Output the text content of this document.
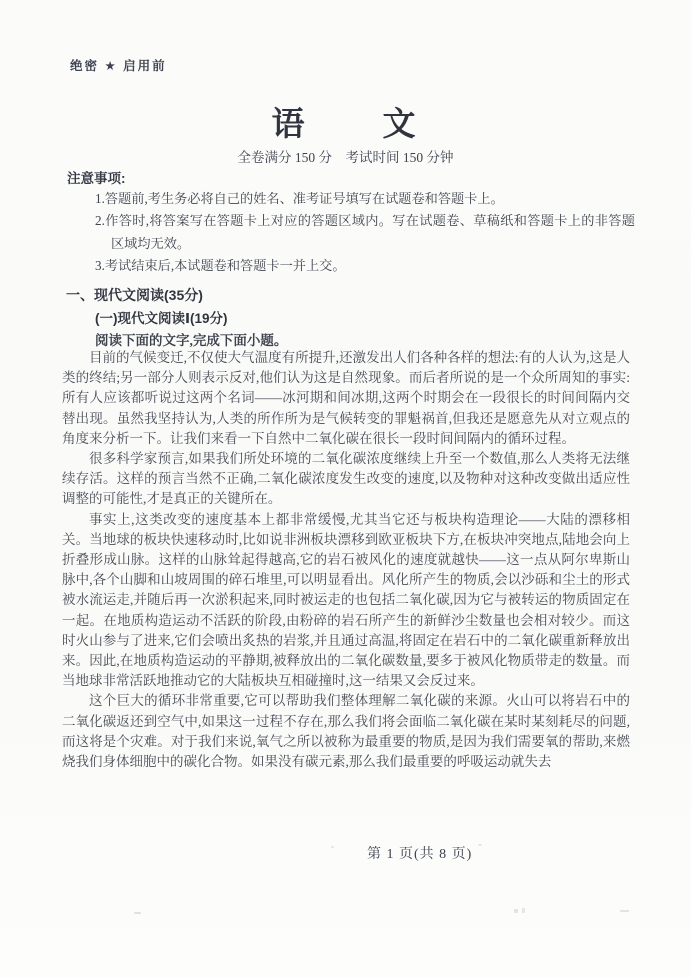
绝密 ★ 启用前
语　　文
全卷满分 150 分　考试时间 150 分钟
注意事项:
1.答题前,考生务必将自己的姓名、准考证号填写在试题卷和答题卡上。
2.作答时,将答案写在答题卡上对应的答题区域内。写在试题卷、草稿纸和答题卡上的非答题区域均无效。
3.考试结束后,本试题卷和答题卡一并上交。
一、现代文阅读(35分)
(一)现代文阅读Ⅰ(19分)
阅读下面的文字,完成下面小题。

目前的气候变迁,不仅使大气温度有所提升,还激发出人们各种各样的想法:有的人认为,这是人类的终结;另一部分人则表示反对,他们认为这是自然现象。而后者所说的是一个众所周知的事实:所有人应该都听说过这两个名词——冰河期和间冰期,这两个时期会在一段很长的时间间隔内交替出现。虽然我坚持认为,人类的所作所为是气候转变的罪魁祸首,但我还是愿意先从对立观点的角度来分析一下。让我们来看一下自然中二氧化碳在很长一段时间间隔内的循环过程。

很多科学家预言,如果我们所处环境的二氧化碳浓度继续上升至一个数值,那么人类将无法继续存活。这样的预言当然不正确,二氧化碳浓度发生改变的速度,以及物种对这种改变做出适应性调整的可能性,才是真正的关键所在。

事实上,这类改变的速度基本上都非常缓慢,尤其当它还与板块构造理论——大陆的漂移相关。当地球的板块快速移动时,比如说非洲板块漂移到欧亚板块下方,在板块冲突地点,陆地会向上折叠形成山脉。这样的山脉耸起得越高,它的岩石被风化的速度就越快——这一点从阿尔卑斯山脉中,各个山脚和山坡周围的碎石堆里,可以明显看出。风化所产生的物质,会以沙砾和尘土的形式被水流运走,并随后再一次淤积起来,同时被运走的也包括二氧化碳,因为它与被转运的物质固定在一起。在地质构造运动不活跃的阶段,由粉碎的岩石所产生的新鲜沙尘数量也会相对较少。而这时火山参与了进来,它们会喷出炙热的岩浆,并且通过高温,将固定在岩石中的二氧化碳重新释放出来。因此,在地质构造运动的平静期,被释放出的二氧化碳数量,要多于被风化物质带走的数量。而当地球非常活跃地推动它的大陆板块互相碰撞时,这一结果又会反过来。

这个巨大的循环非常重要,它可以帮助我们整体理解二氧化碳的来源。火山可以将岩石中的二氧化碳返还到空气中,如果这一过程不存在,那么我们将会面临二氧化碳在某时某刻耗尽的问题,而这将是个灾难。对于我们来说,氧气之所以被称为最重要的物质,是因为我们需要氧的帮助,来燃烧我们身体细胞中的碳化合物。如果没有碳元素,那么我们最重要的呼吸运动就失去

第 1 页(共 8 页)
